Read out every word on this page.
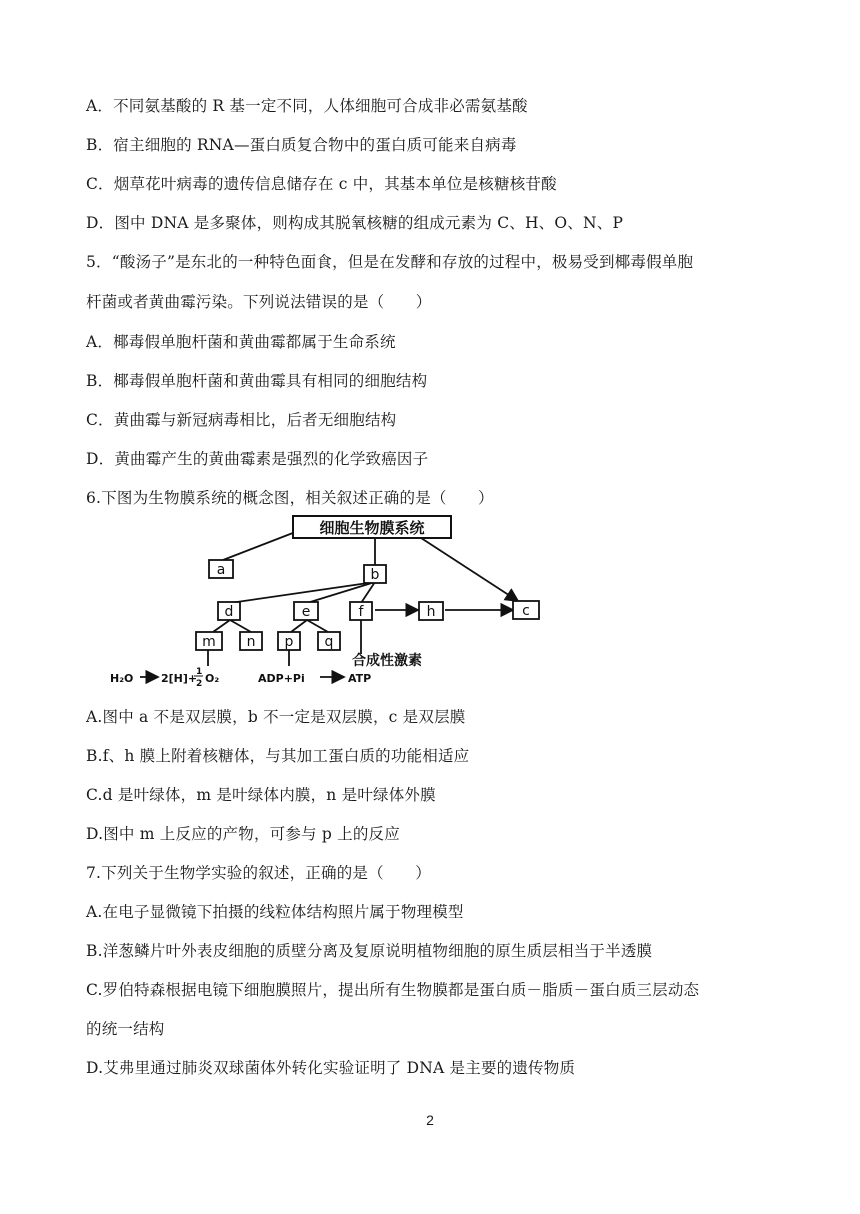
A．不同氨基酸的 R 基一定不同，人体细胞可合成非必需氨基酸
B．宿主细胞的 RNA—蛋白质复合物中的蛋白质可能来自病毒
C．烟草花叶病毒的遗传信息储存在 c 中，其基本单位是核糖核苷酸
D．图中 DNA 是多聚体，则构成其脱氧核糖的组成元素为 C、H、O、N、P
5．“酸汤子”是东北的一种特色面食，但是在发酵和存放的过程中，极易受到椰毒假单胞
杆菌或者黄曲霉污染。下列说法错误的是（　　）
A．椰毒假单胞杆菌和黄曲霉都属于生命系统
B．椰毒假单胞杆菌和黄曲霉具有相同的细胞结构
C．黄曲霉与新冠病毒相比，后者无细胞结构
D．黄曲霉产生的黄曲霉素是强烈的化学致癌因子
6.下图为生物膜系统的概念图，相关叙述正确的是（　　）
细胞生物膜系统
a	b
d	e	f	h	c
m n p q
合成性激素
H₂O	2[H]+
1
2 O₂	ADP+Pi	ATP
A.图中 a 不是双层膜，b 不一定是双层膜，c 是双层膜
B.f、h 膜上附着核糖体，与其加工蛋白质的功能相适应
C.d 是叶绿体，m 是叶绿体内膜，n 是叶绿体外膜
D.图中 m 上反应的产物，可参与 p 上的反应
7.下列关于生物学实验的叙述，正确的是（　　）
A.在电子显微镜下拍摄的线粒体结构照片属于物理模型
B.洋葱鳞片叶外表皮细胞的质壁分离及复原说明植物细胞的原生质层相当于半透膜
C.罗伯特森根据电镜下细胞膜照片，提出所有生物膜都是蛋白质－脂质－蛋白质三层动态
的统一结构
D.艾弗里通过肺炎双球菌体外转化实验证明了 DNA 是主要的遗传物质
2
